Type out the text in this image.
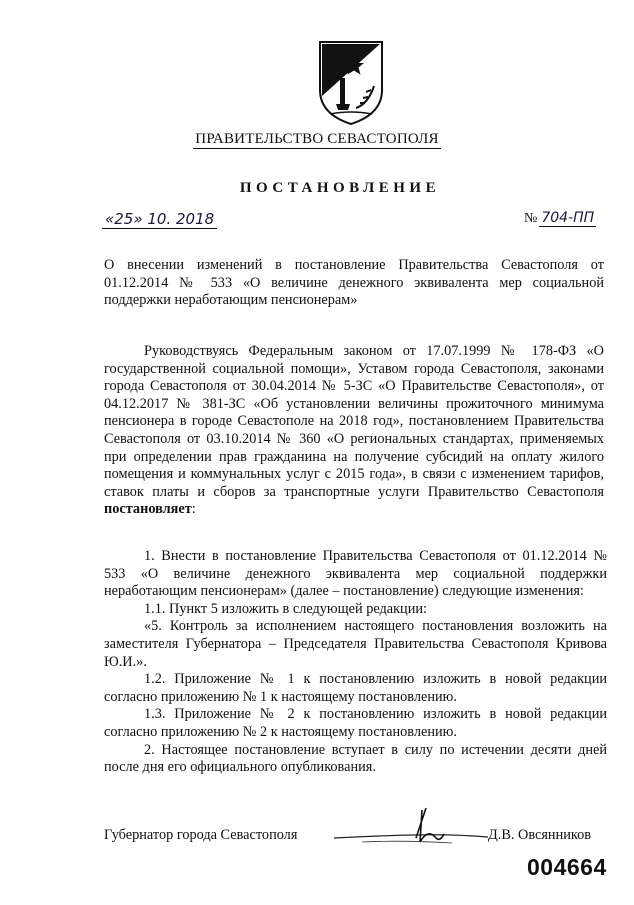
ПРАВИТЕЛЬСТВО СЕВАСТОПОЛЯ
ПОСТАНОВЛЕНИЕ
«25» 10. 2018	№ 704-ПП
О внесении изменений в постановление Правительства Севастополя от 01.12.2014 № 533 «О величине денежного эквивалента мер социальной поддержки неработающим пенсионерам»

Руководствуясь Федеральным законом от 17.07.1999 № 178-ФЗ «О государственной социальной помощи», Уставом города Севастополя, законами города Севастополя от 30.04.2014 № 5-ЗС «О Правительстве Севастополя», от 04.12.2017 № 381-ЗС «Об установлении величины прожиточного минимума пенсионера в городе Севастополе на 2018 год», постановлением Правительства Севастополя от 03.10.2014 № 360 «О региональных стандартах, применяемых при определении прав гражданина на получение субсидий на оплату жилого помещения и коммунальных услуг с 2015 года», в связи с изменением тарифов, ставок платы и сборов за транспортные услуги Правительство Севастополя постановляет:

1. Внести в постановление Правительства Севастополя от 01.12.2014 № 533 «О величине денежного эквивалента мер социальной поддержки неработающим пенсионерам» (далее – постановление) следующие изменения:

1.1. Пункт 5 изложить в следующей редакции:

«5. Контроль за исполнением настоящего постановления возложить на заместителя Губернатора – Председателя Правительства Севастополя Кривова Ю.И.».

1.2. Приложение № 1 к постановлению изложить в новой редакции согласно приложению № 1 к настоящему постановлению.

1.3. Приложение № 2 к постановлению изложить в новой редакции согласно приложению № 2 к настоящему постановлению.

2. Настоящее постановление вступает в силу по истечении десяти дней после дня его официального опубликования.

Губернатор города Севастополя	Д.В. Овсянников
004664
